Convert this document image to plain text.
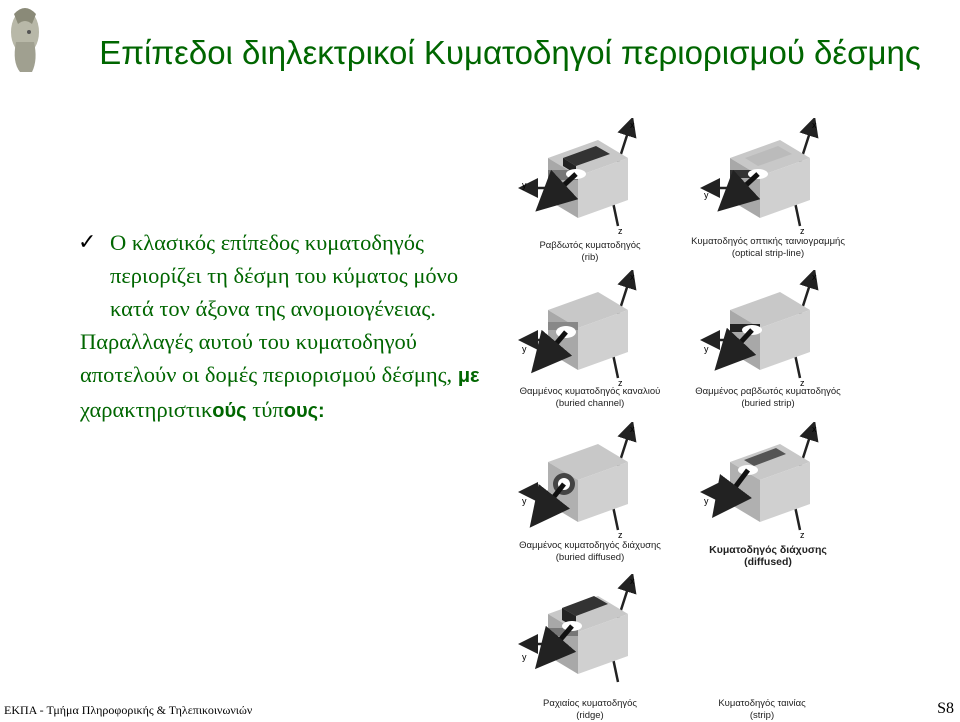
Επίπεδοι διηλεκτρικοί Κυματοδηγοί περιορισμού δέσμης
✓ Ο κλασικός επίπεδος κυματοδηγός περιορίζει τη δέσμη του κύματος μόνο κατά τον άξονα της ανομοιογένειας.
Παραλλαγές αυτού του κυματοδηγού αποτελούν οι δομές περιορισμού δέσμης, με χαρακτηριστικούς τύπους:
x
y
z
Ραβδωτός κυματοδηγός
(rib)
x
y
z
Κυματοδηγός οπτικής ταινιογραμμής
(optical strip-line)
x
y
z
Θαμμένος κυματοδηγός καναλιού
(buried channel)
x
y
z
Θαμμένος ραβδωτός κυματοδηγός
(buried strip)
x
y
z
Θαμμένος κυματοδηγός διάχυσης
(buried diffused)
x
y
z
Κυματοδηγός διάχυσης
(diffused)
x
y
Ραχιαίος κυματοδηγός
(ridge)
Κυματοδηγός ταινίας
(strip)
ΕΚΠΑ - Τμήμα Πληροφορικής & Τηλεπικοινωνιών	S8
